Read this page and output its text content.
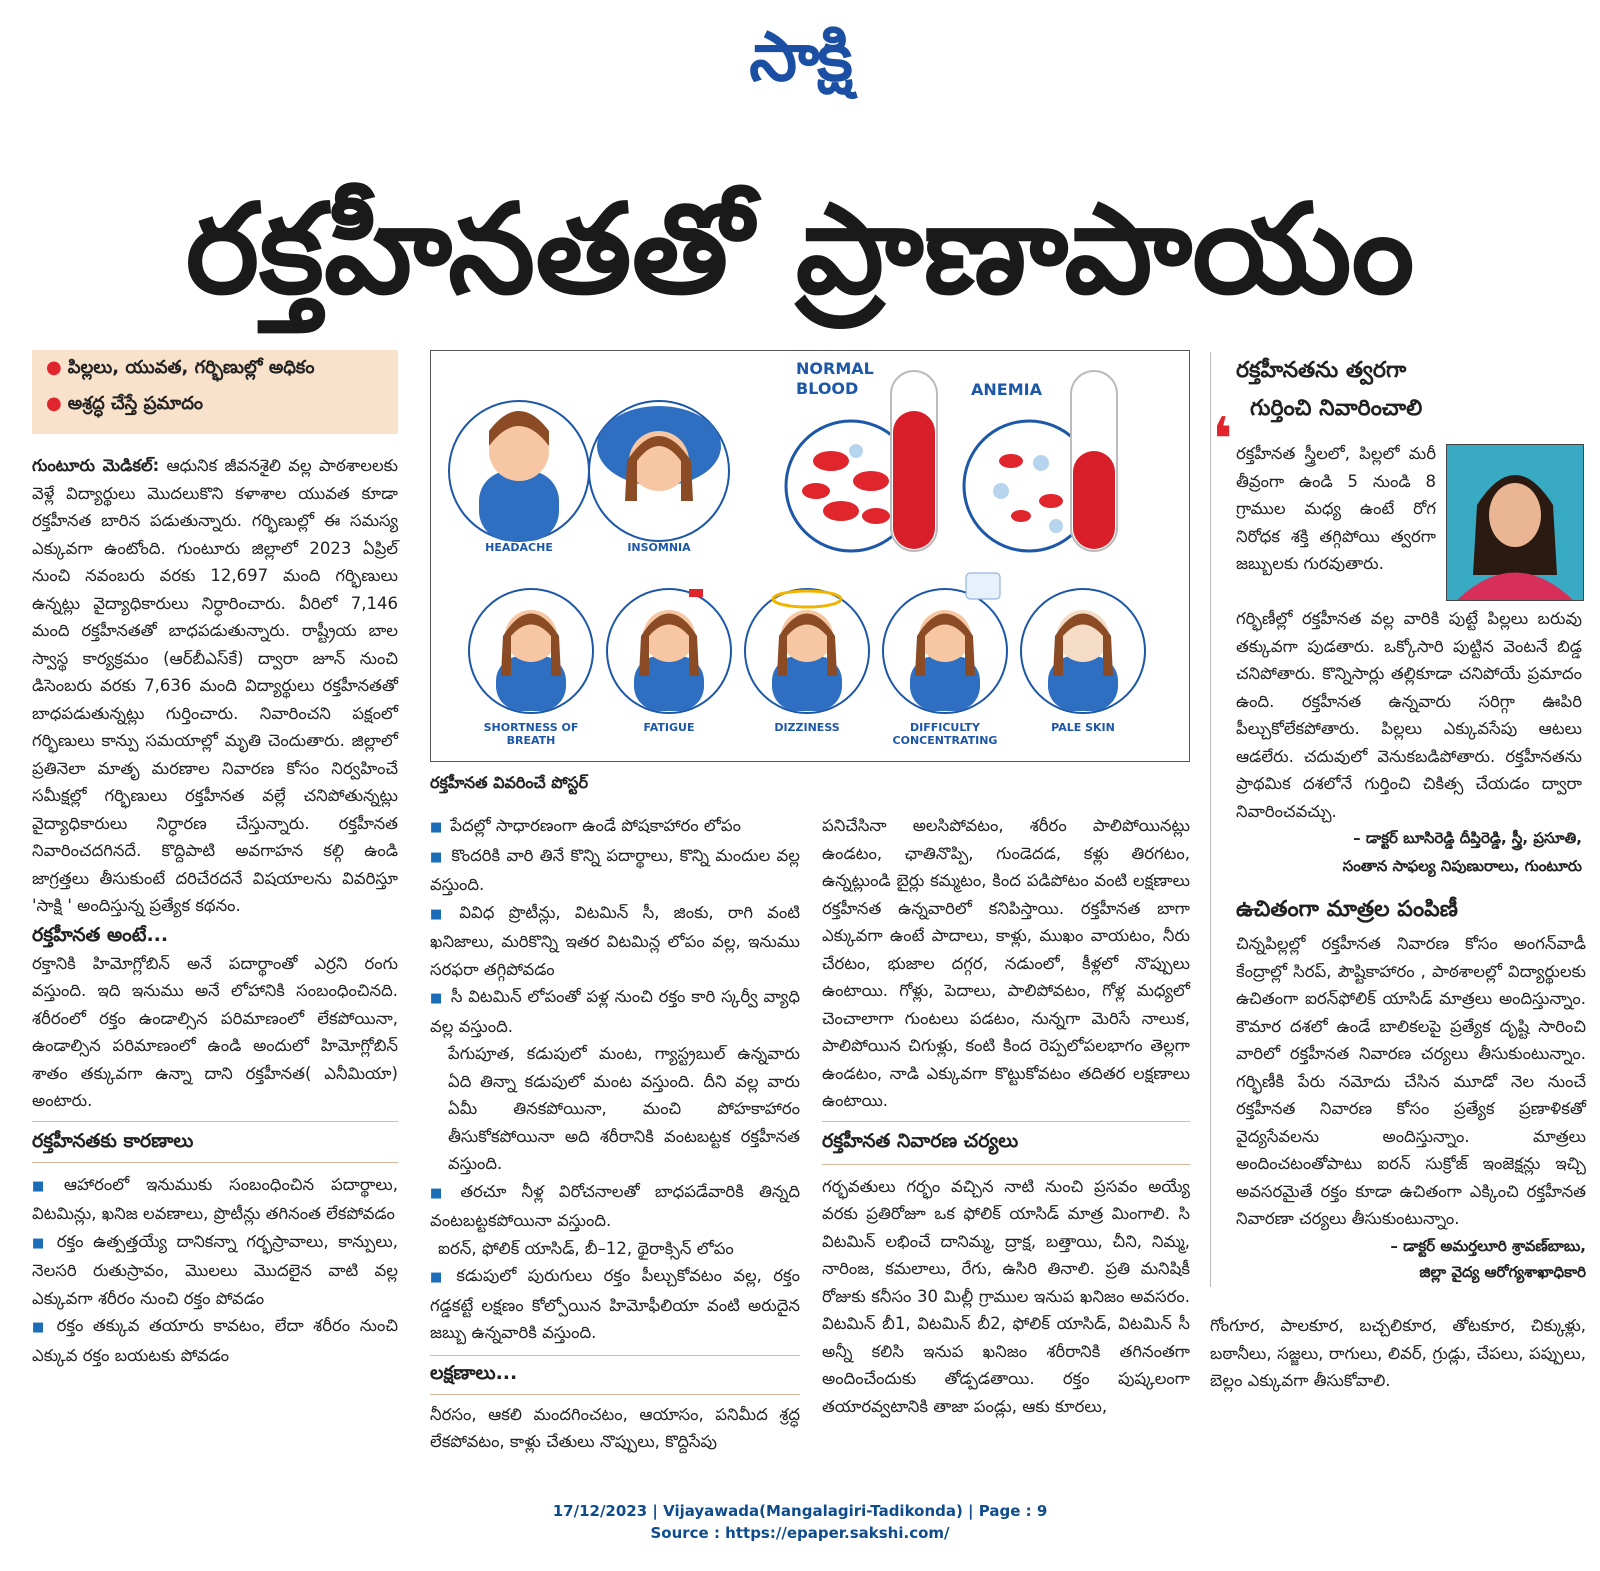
సాక్షి
రక్తహీనతతో ప్రాణాపాయం
● పిల్లలు, యువత, గర్భిణుల్లో అధికం
● అశ్రద్ధ చేస్తే ప్రమాదం

గుంటూరు మెడికల్: ఆధునిక జీవనశైలి వల్ల పాఠశాలలకు వెళ్లే విద్యార్థులు మొదలుకొని కళాశాల యువత కూడా రక్తహీనత బారిన పడుతున్నారు. గర్భిణుల్లో ఈ సమస్య ఎక్కువగా ఉంటోంది. గుంటూరు జిల్లాలో 2023 ఏప్రిల్ నుంచి నవంబరు వరకు 12,697 మంది గర్భిణులు ఉన్నట్లు వైద్యాధికారులు నిర్ధారించారు. వీరిలో 7,146 మంది రక్తహీనతతో బాధపడుతున్నారు. రాష్ట్రీయ బాల స్వాస్థ కార్యక్రమం (ఆర్‌బీఎస్‌కే) ద్వారా జూన్ నుంచి డిసెంబరు వరకు 7,636 మంది విద్యార్థులు రక్తహీనతతో బాధపడుతున్నట్లు గుర్తించారు. నివారించని పక్షంలో గర్భిణులు కాన్పు సమయాల్లో మృతి చెందుతారు. జిల్లాలో ప్రతినెలా మాతృ మరణాల నివారణ కోసం నిర్వహించే సమీక్షల్లో గర్భిణులు రక్తహీనత వల్లే చనిపోతున్నట్లు వైద్యాధికారులు నిర్ధారణ చేస్తున్నారు. రక్తహీనత నివారించదగినదే. కొద్దిపాటి అవగాహన కల్గి ఉండి జాగ్రత్తలు తీసుకుంటే దరిచేరదనే విషయాలను వివరిస్తూ 'సాక్షి ' అందిస్తున్న ప్రత్యేక కథనం.

రక్తహీనత అంటే...

రక్తానికి హిమోగ్లోబిన్ అనే పదార్థాంతో ఎర్రని రంగు వస్తుంది. ఇది ఇనుము అనే లోహానికి సంబంధించినది. శరీరంలో రక్తం ఉండాల్సిన పరిమాణంలో లేకపోయినా, ఉండాల్సిన పరిమాణంలో ఉండి అందులో హిమోగ్లోబిన్ శాతం తక్కువగా ఉన్నా దాని రక్తహీనత( ఎనీమియా) అంటారు.

రక్తహీనతకు కారణాలు
■ ఆహారంలో ఇనుముకు సంబంధించిన పదార్థాలు, విటమిన్లు, ఖనిజ లవణాలు, ప్రొటీన్లు తగినంత లేకపోవడం
■ రక్తం ఉత్పత్తయ్యే దానికన్నా గర్భస్రావాలు, కాన్పులు, నెలసరి రుతుస్రావం, మొలలు మొదలైన వాటి వల్ల ఎక్కువగా శరీరం నుంచి రక్తం పోవడం
■ రక్తం తక్కువ తయారు కావటం, లేదా శరీరం నుంచి ఎక్కువ రక్తం బయటకు పోవడం
NORMAL BLOOD	ANEMIA
HEADACHE	INSOMNIA
SHORTNESS OF BREATH
FATIGUE	DIZZINESS	DIFFICULTY CONCENTRATING
PALE SKIN
రక్తహీనత వివరించే పోస్టర్
■ పేదల్లో సాధారణంగా ఉండే పోషకాహారం లోపం
■ కొందరికి వారి తినే కొన్ని పదార్థాలు, కొన్ని మందుల వల్ల వస్తుంది.
■ వివిధ ప్రొటీన్లు, విటమిన్ సీ, జింకు, రాగి వంటి ఖనిజాలు, మరికొన్ని ఇతర విటమిన్ల లోపం వల్ల, ఇనుము సరఫరా తగ్గిపోవడం
■ సీ విటమిన్ లోపంతో పళ్ల నుంచి రక్తం కారి స్కర్వీ వ్యాధి వల్ల వస్తుంది.

పేగుపూత, కడుపులో మంట, గ్యాస్ట్రబుల్ ఉన్నవారు ఏది తిన్నా కడుపులో మంట వస్తుంది. దీని వల్ల వారు ఏమీ తినకపోయినా, మంచి పోహకాహారం తీసుకోకపోయినా అది శరీరానికి వంటబట్టక రక్తహీనత వస్తుంది.

■ తరచూ నీళ్ల విరోచనాలతో బాధపడేవారికి తిన్నది వంటబట్టకపోయినా వస్తుంది.

ఐరన్, ఫోలిక్ యాసిడ్, బీ–12, థైరాక్సిన్ లోపం

■ కడుపులో పురుగులు రక్తం పీల్చుకోవటం వల్ల, రక్తం గడ్డకట్టే లక్షణం కోల్పోయిన హిమోఫీలియా వంటి అరుదైన జబ్బు ఉన్నవారికి వస్తుంది.
లక్షణాలు...

నీరసం, ఆకలి మందగించటం, ఆయాసం, పనిమీద శ్రద్ధ లేకపోవటం, కాళ్లు చేతులు నొప్పులు, కొద్దిసేపు

పనిచేసినా అలసిపోవటం, శరీరం పాలిపోయినట్లు ఉండటం, ఛాతినొప్పి, గుండెదడ, కళ్లు తిరగటం, ఉన్నట్లుండి బైర్లు కమ్మటం, కింద పడిపోటం వంటి లక్షణాలు రక్తహీనత ఉన్నవారిలో కనిపిస్తాయి. రక్తహీనత బాగా ఎక్కువగా ఉంటే పాదాలు, కాళ్లు, ముఖం వాయటం, నీరు చేరటం, భుజాల దగ్గర, నడుంలో, కీళ్లలో నొప్పులు ఉంటాయి. గోళ్లు, పెదాలు, పాలిపోవటం, గోళ్ల మధ్యలో చెంచాలాగా గుంటలు పడటం, నున్నగా మెరిసే నాలుక, పాలిపోయిన చిగుళ్లు, కంటి కింద రెప్పలోపలభాగం తెల్లగా ఉండటం, నాడి ఎక్కువగా కొట్టుకోవటం తదితర లక్షణాలు ఉంటాయి.

రక్తహీనత నివారణ చర్యలు

గర్భవతులు గర్భం వచ్చిన నాటి నుంచి ప్రసవం అయ్యే వరకు ప్రతిరోజూ ఒక ఫోలిక్ యాసిడ్ మాత్ర మింగాలి. సి విటమిన్ లభించే దానిమ్మ, ద్రాక్ష, బత్తాయి, చీని, నిమ్మ, నారింజ, కమలాలు, రేగు, ఉసిరి తినాలి. ప్రతి మనిషికీ రోజుకు కనీసం 30 మిల్లీ గ్రాముల ఇనుప ఖనిజం అవసరం. విటమిన్ బీ1, విటమిన్ బీ2, ఫోలిక్ యాసిడ్, విటమిన్ సీ అన్నీ కలిసి ఇనుప ఖనిజం శరీరానికి తగినంతగా అందించేందుకు తోడ్పడతాయి. రక్తం పుష్కలంగా తయారవ్వటానికి తాజా పండ్లు, ఆకు కూరలు,

రక్తహీనతను త్వరగా
గుర్తించి నివారించాలి
❛ రక్తహీనత స్త్రీలలో, పిల్లలో మరీ తీవ్రంగా ఉండి 5 నుండి 8 గ్రాముల మధ్య ఉంటే రోగ నిరోధక శక్తి తగ్గిపోయి త్వరగా జబ్బులకు గురవుతారు.

గర్భిణీల్లో రక్తహీనత వల్ల వారికి పుట్టే పిల్లలు బరువు తక్కువగా పుడతారు. ఒక్కోసారి పుట్టిన వెంటనే బిడ్డ చనిపోతారు. కొన్నిసార్లు తల్లికూడా చనిపోయే ప్రమాదం ఉంది. రక్తహీనత ఉన్నవారు సరిగ్గా ఊపిరి పీల్చుకోలేకపోతారు. పిల్లలు ఎక్కువసేపు ఆటలు ఆడలేరు. చదువులో వెనుకబడిపోతారు. రక్తహీనతను ప్రాథమిక దశలోనే గుర్తించి చికిత్స చేయడం ద్వారా నివారించవచ్చు.

– డాక్టర్ బూసిరెడ్డి దీప్తిరెడ్డి, స్త్రీ, ప్రసూతి,
సంతాన సాఫల్య నిపుణురాలు, గుంటూరు
ఉచితంగా మాత్రల పంపిణీ

చిన్నపిల్లల్లో రక్తహీనత నివారణ కోసం అంగన్‌వాడీ కేంద్రాల్లో సిరప్, పౌష్టికాహారం , పాఠశాలల్లో విద్యార్థులకు ఉచితంగా ఐరన్‌ఫోలిక్ యాసిడ్ మాత్రలు అందిస్తున్నాం. కౌమార దశలో ఉండే బాలికలపై ప్రత్యేక దృష్టి సారించి వారిలో రక్తహీనత నివారణ చర్యలు తీసుకుంటున్నాం. గర్భిణీకి పేరు నమోదు చేసిన మూడో నెల నుంచే రక్తహీనత నివారణ కోసం ప్రత్యేక ప్రణాళికతో వైద్యసేవలను అందిస్తున్నాం. మాత్రలు అందించటంతోపాటు ఐరన్ సుక్రోజ్ ఇంజెక్షన్లు ఇచ్చి అవసరమైతే రక్తం కూడా ఉచితంగా ఎక్కించి రక్తహీనత నివారణా చర్యలు తీసుకుంటున్నాం.

– డాక్టర్ అమర్తలూరి శ్రావణ్‌బాబు,
జిల్లా వైద్య ఆరోగ్యశాఖాధికారి
గోంగూర, పాలకూర, బచ్చలికూర, తోటకూర, చిక్కుళ్లు, బఠానీలు, సజ్జలు, రాగులు, లివర్, గ్రుడ్లు, చేపలు, పప్పులు, బెల్లం ఎక్కువగా తీసుకోవాలి.
17/12/2023 | Vijayawada(Mangalagiri-Tadikonda) | Page : 9
Source : https://epaper.sakshi.com/
